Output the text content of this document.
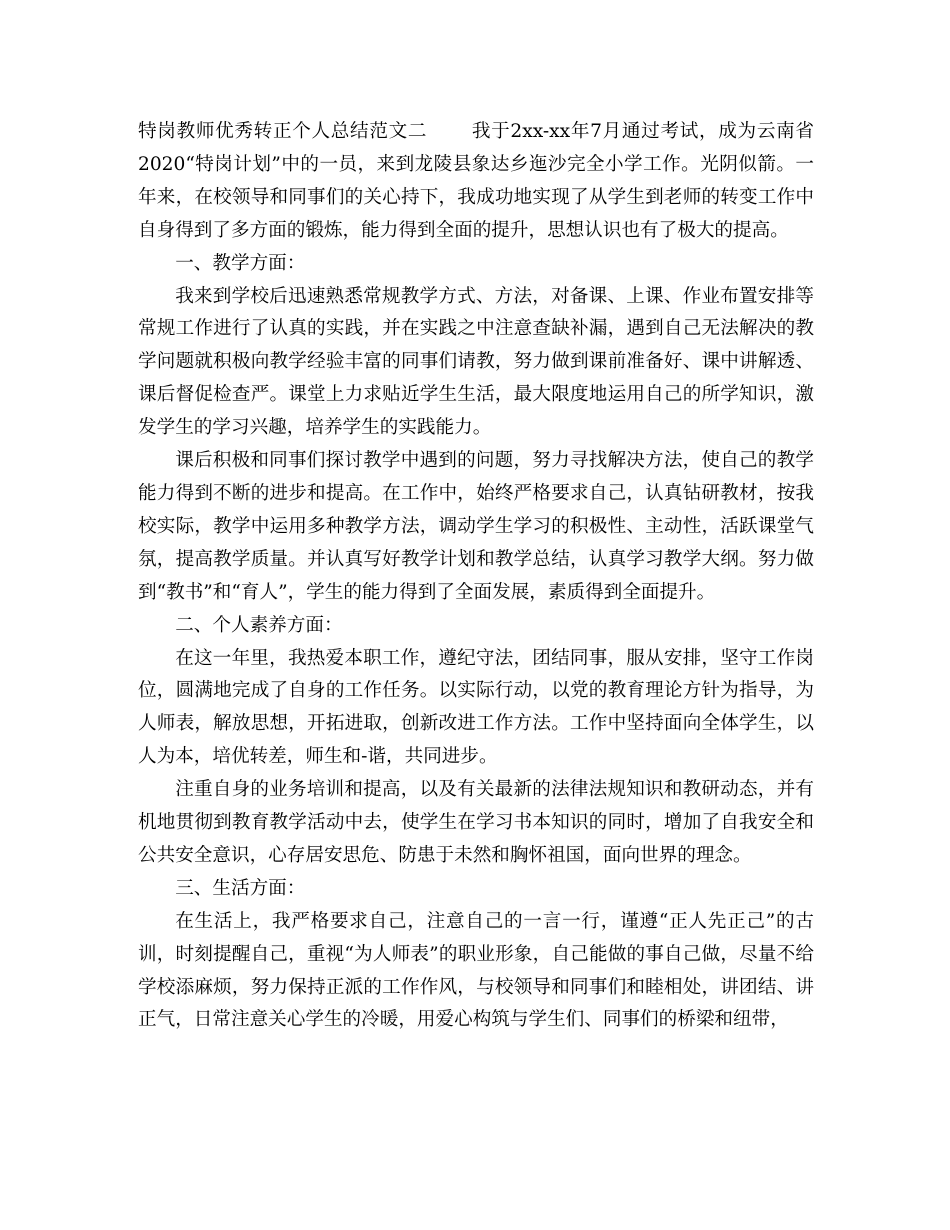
特岗教师优秀转正个人总结范文二 我于2xx-xx年7月通过考试，成为云南省2020“特岗计划”中的一员，来到龙陵县象达乡迤沙完全小学工作。光阴似箭。一年来，在校领导和同事们的关心持下，我成功地实现了从学生到老师的转变工作中自身得到了多方面的锻炼，能力得到全面的提升，思想认识也有了极大的提高。

一、教学方面：

我来到学校后迅速熟悉常规教学方式、方法，对备课、上课、作业布置安排等常规工作进行了认真的实践，并在实践之中注意查缺补漏，遇到自己无法解决的教学问题就积极向教学经验丰富的同事们请教，努力做到课前准备好、课中讲解透、课后督促检查严。课堂上力求贴近学生生活，最大限度地运用自己的所学知识，激发学生的学习兴趣，培养学生的实践能力。

课后积极和同事们探讨教学中遇到的问题，努力寻找解决方法，使自己的教学能力得到不断的进步和提高。在工作中，始终严格要求自己，认真钻研教材，按我校实际，教学中运用多种教学方法，调动学生学习的积极性、主动性，活跃课堂气氛，提高教学质量。并认真写好教学计划和教学总结，认真学习教学大纲。努力做到“教书”和“育人”，学生的能力得到了全面发展，素质得到全面提升。

二、个人素养方面：

在这一年里，我热爱本职工作，遵纪守法，团结同事，服从安排，坚守工作岗位，圆满地完成了自身的工作任务。以实际行动，以党的教育理论方针为指导，为人师表，解放思想，开拓进取，创新改进工作方法。工作中坚持面向全体学生，以人为本，培优转差，师生和-谐，共同进步。

注重自身的业务培训和提高，以及有关最新的法律法规知识和教研动态，并有机地贯彻到教育教学活动中去，使学生在学习书本知识的同时，增加了自我安全和公共安全意识，心存居安思危、防患于未然和胸怀祖国，面向世界的理念。

三、生活方面：

在生活上，我严格要求自己，注意自己的一言一行，谨遵“正人先正己”的古训，时刻提醒自己，重视“为人师表”的职业形象，自己能做的事自己做，尽量不给学校添麻烦，努力保持正派的工作作风，与校领导和同事们和睦相处，讲团结、讲正气，日常注意关心学生的冷暖，用爱心构筑与学生们、同事们的桥梁和纽带，
